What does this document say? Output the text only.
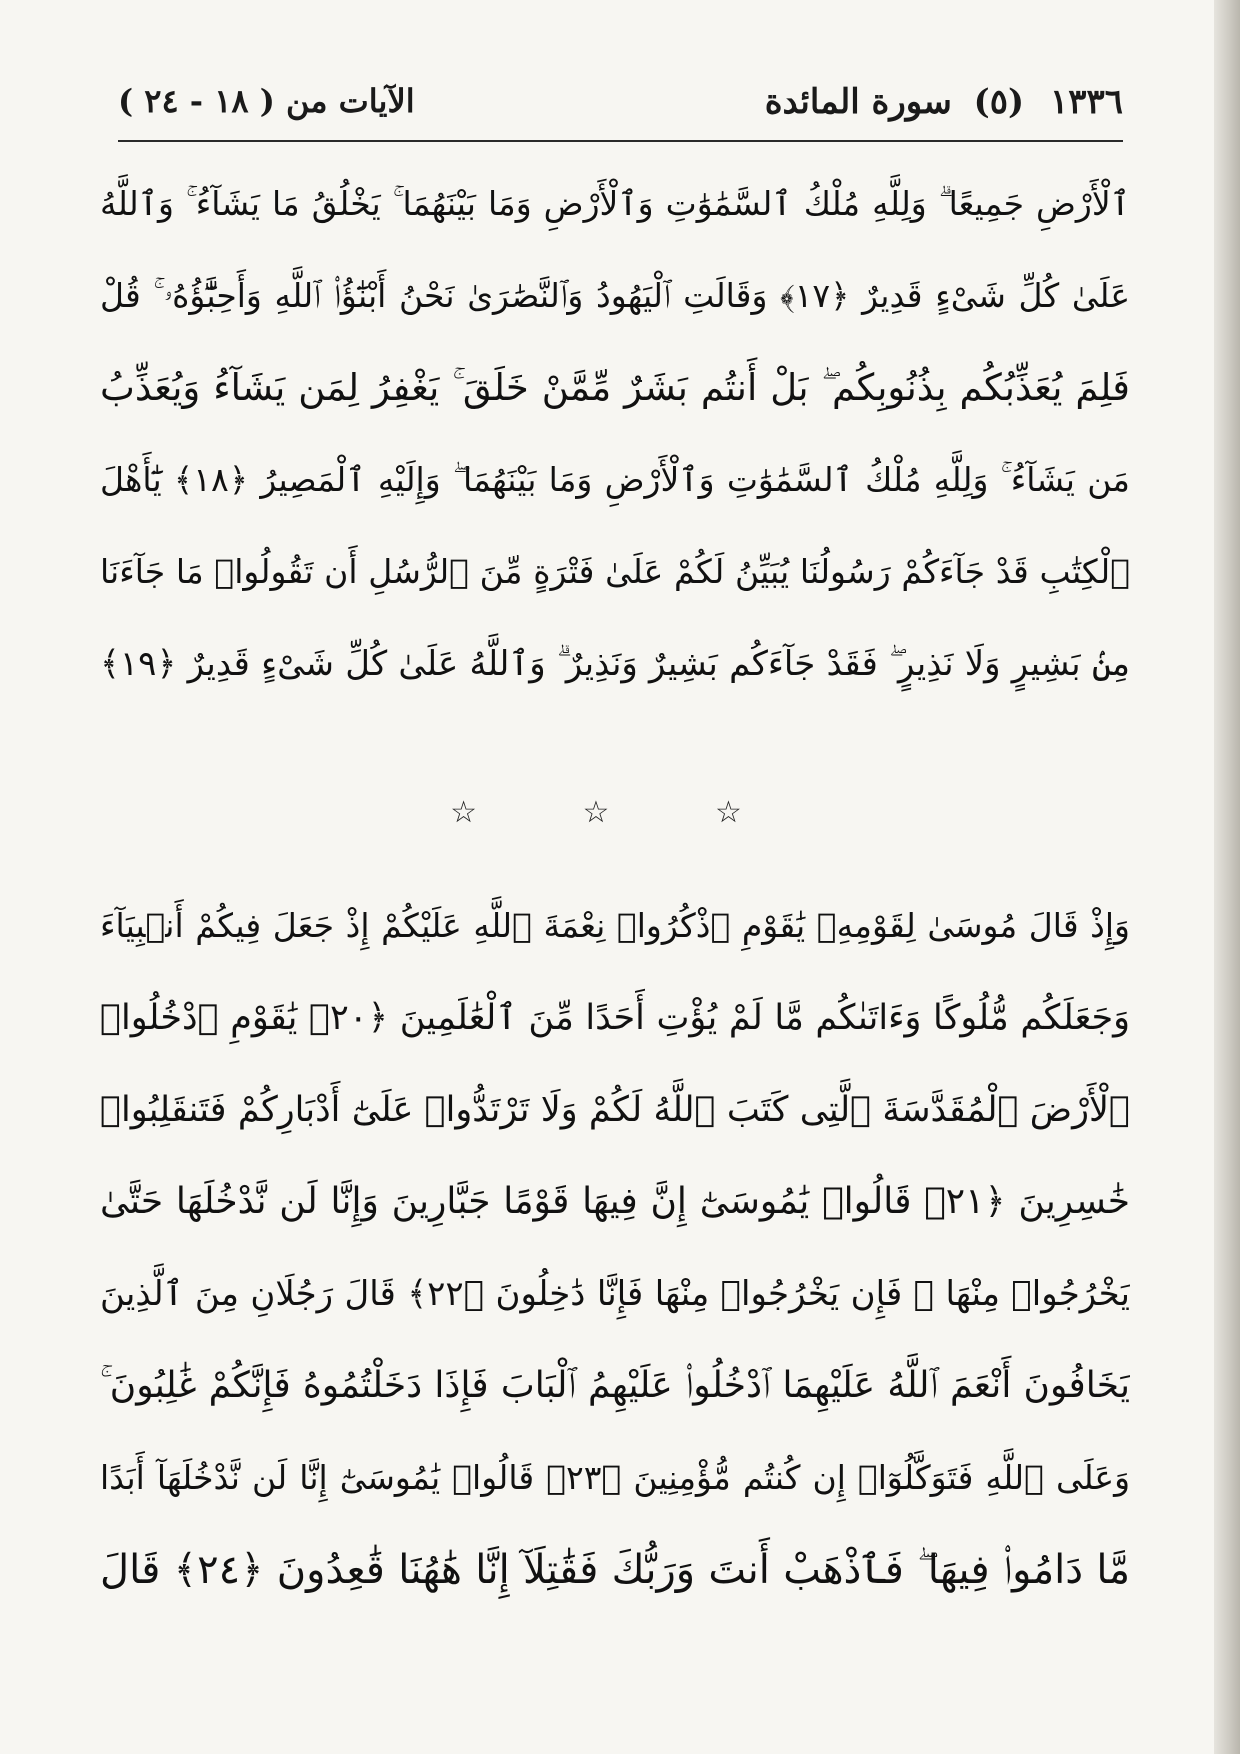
١٣٣٦ (٥) سورة المائدة
الآيات من ( ١٨ - ٢٤ )
ٱلْأَرْضِ جَمِيعًا ۗ وَلِلَّهِ مُلْكُ ٱلسَّمَٰوَٰتِ وَٱلْأَرْضِ وَمَا بَيْنَهُمَا ۚ يَخْلُقُ مَا يَشَآءُ ۚ وَٱللَّهُ
عَلَىٰ كُلِّ شَىْءٍ قَدِيرٌ ﴿١٧﴾ وَقَالَتِ ٱلْيَهُودُ وَٱلنَّصَٰرَىٰ نَحْنُ أَبْنَٰٓؤُا۟ ٱللَّهِ وَأَحِبَّٰٓؤُهُۥ ۚ قُلْ
فَلِمَ يُعَذِّبُكُم بِذُنُوبِكُم ۖ بَلْ أَنتُم بَشَرٌ مِّمَّنْ خَلَقَ ۚ يَغْفِرُ لِمَن يَشَآءُ وَيُعَذِّبُ
مَن يَشَآءُ ۚ وَلِلَّهِ مُلْكُ ٱلسَّمَٰوَٰتِ وَٱلْأَرْضِ وَمَا بَيْنَهُمَا ۖ وَإِلَيْهِ ٱلْمَصِيرُ ﴿١٨﴾ يَٰٓأَهْلَ
ٱلْكِتَٰبِ قَدْ جَآءَكُمْ رَسُولُنَا يُبَيِّنُ لَكُمْ عَلَىٰ فَتْرَةٍ مِّنَ ٱلرُّسُلِ أَن تَقُولُوا۟ مَا جَآءَنَا
مِنۢ بَشِيرٍ وَلَا نَذِيرٍ ۖ فَقَدْ جَآءَكُم بَشِيرٌ وَنَذِيرٌ ۗ وَٱللَّهُ عَلَىٰ كُلِّ شَىْءٍ قَدِيرٌ ﴿١٩﴾
☆ ☆ ☆
وَإِذْ قَالَ مُوسَىٰ لِقَوْمِهِۦ يَٰقَوْمِ ٱذْكُرُوا۟ نِعْمَةَ ٱللَّهِ عَلَيْكُمْ إِذْ جَعَلَ فِيكُمْ أَنۢبِيَآءَ
وَجَعَلَكُم مُّلُوكًا وَءَاتَىٰكُم مَّا لَمْ يُؤْتِ أَحَدًا مِّنَ ٱلْعَٰلَمِينَ ﴿٢٠﴾ يَٰقَوْمِ ٱدْخُلُوا۟
ٱلْأَرْضَ ٱلْمُقَدَّسَةَ ٱلَّتِى كَتَبَ ٱللَّهُ لَكُمْ وَلَا تَرْتَدُّوا۟ عَلَىٰٓ أَدْبَارِكُمْ فَتَنقَلِبُوا۟
خَٰسِرِينَ ﴿٢١﴾ قَالُوا۟ يَٰمُوسَىٰٓ إِنَّ فِيهَا قَوْمًا جَبَّارِينَ وَإِنَّا لَن نَّدْخُلَهَا حَتَّىٰ
يَخْرُجُوا۟ مِنْهَا ۖ فَإِن يَخْرُجُوا۟ مِنْهَا فَإِنَّا دَٰخِلُونَ ﴿٢٢﴾ قَالَ رَجُلَانِ مِنَ ٱلَّذِينَ
يَخَافُونَ أَنْعَمَ ٱللَّهُ عَلَيْهِمَا ٱدْخُلُوا۟ عَلَيْهِمُ ٱلْبَابَ فَإِذَا دَخَلْتُمُوهُ فَإِنَّكُمْ غَٰلِبُونَ ۚ
وَعَلَى ٱللَّهِ فَتَوَكَّلُوٓا۟ إِن كُنتُم مُّؤْمِنِينَ ﴿٢٣﴾ قَالُوا۟ يَٰمُوسَىٰٓ إِنَّا لَن نَّدْخُلَهَآ أَبَدًا
مَّا دَامُوا۟ فِيهَا ۖ فَٱذْهَبْ أَنتَ وَرَبُّكَ فَقَٰتِلَآ إِنَّا هَٰهُنَا قَٰعِدُونَ ﴿٢٤﴾ قَالَ
